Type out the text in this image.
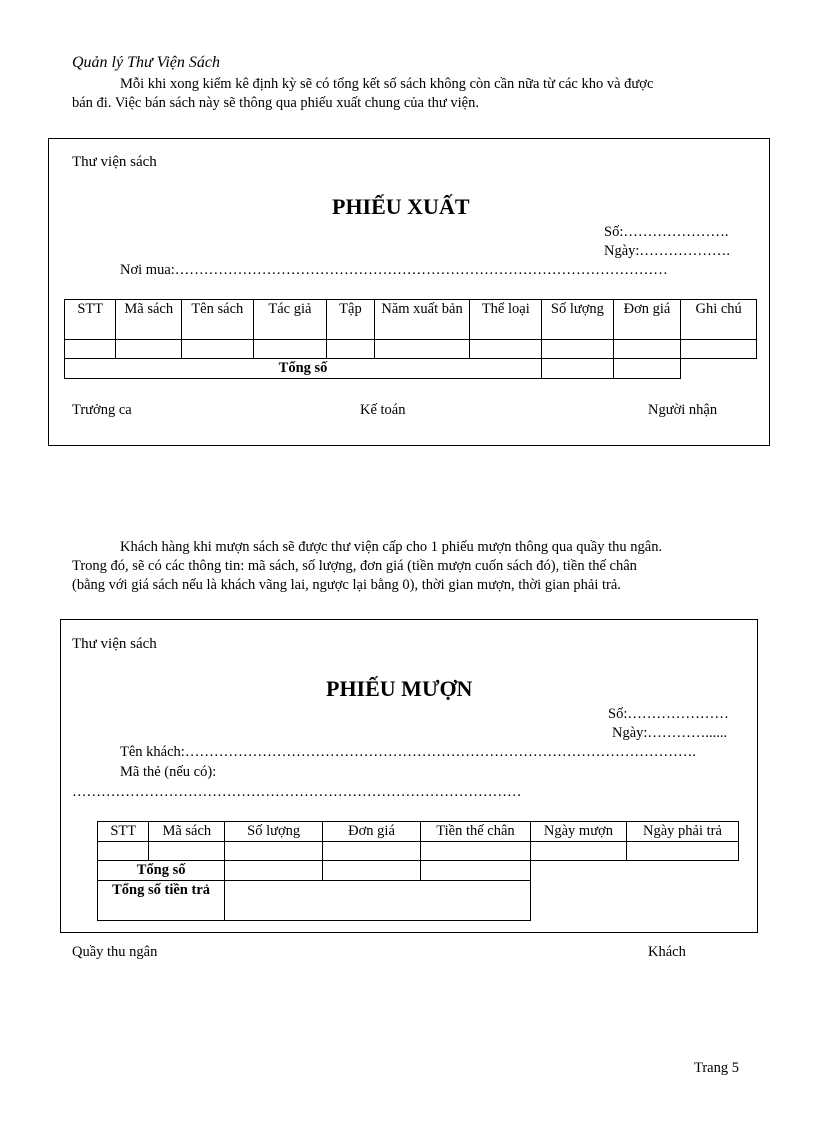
Quản lý Thư Viện Sách
Mỗi khi xong kiểm kê định kỳ sẽ có tổng kết số sách không còn cần nữa từ các kho và được
bán đi. Việc bán sách này sẽ thông qua phiếu xuất chung của thư viện.
Thư viện sách
PHIẾU XUẤT
Số:………………….
Ngày:……………….
Nơi mua:…………………………………………………………………………………………
STT	Mã sách	Tên sách	Tác giả	Tập	Năm xuất bản	Thể loại	Số lượng	Đơn giá	Ghi chú

Tổng số									
Trưởng ca	Kế toán	Người nhận
Khách hàng khi mượn sách sẽ được thư viện cấp cho 1 phiếu mượn thông qua quầy thu ngân.
Trong đó, sẽ có các thông tin: mã sách, số lượng, đơn giá (tiền mượn cuốn sách đó), tiền thế chân
(bằng với giá sách nếu là khách vãng lai, ngược lại bằng 0), thời gian mượn, thời gian phải trả.
Thư viện sách
PHIẾU MƯỢN
Số:…………………
Ngày:…………......
Tên khách:…………………………………………………………………………………………….
Mã thẻ (nếu có):
…………………………………………………………………………………
STT	Mã sách	Số lượng	Đơn giá	Tiền thế chân	Ngày mượn	Ngày phải trả

Tổng số						
Tổng số tiền trả						
Quầy thu ngân	Khách
Trang 5
